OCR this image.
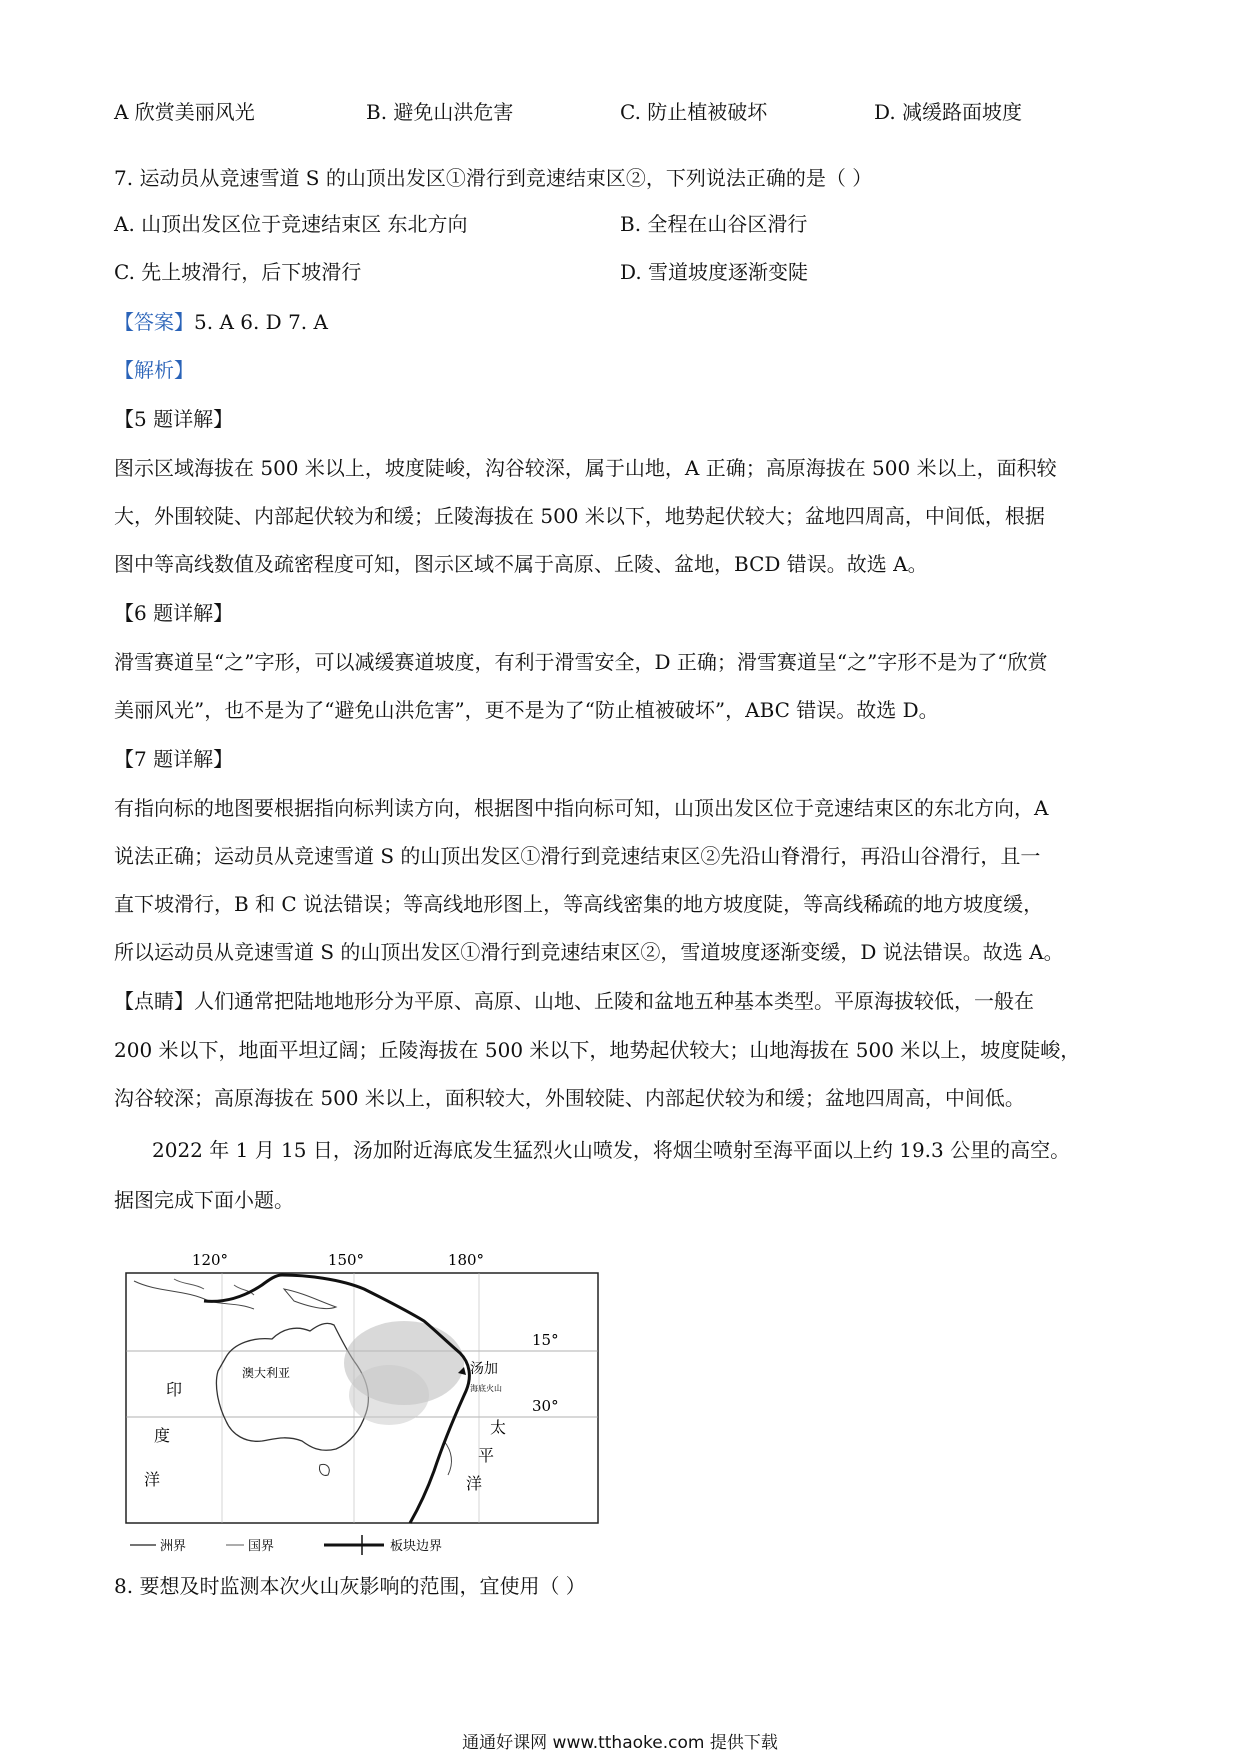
A 欣赏美丽风光	B. 避免山洪危害	C. 防止植被破坏	D. 减缓路面坡度
7. 运动员从竞速雪道 S 的山顶出发区①滑行到竞速结束区②，下列说法正确的是（ ）
A. 山顶出发区位于竞速结束区 东北方向	B. 全程在山谷区滑行
C. 先上坡滑行，后下坡滑行	D. 雪道坡度逐渐变陡
【答案】5. A 6. D 7. A
【解析】
【5 题详解】
图示区域海拔在 500 米以上，坡度陡峻，沟谷较深，属于山地，A 正确；高原海拔在 500 米以上，面积较
大，外围较陡、内部起伏较为和缓；丘陵海拔在 500 米以下，地势起伏较大；盆地四周高，中间低，根据
图中等高线数值及疏密程度可知，图示区域不属于高原、丘陵、盆地，BCD 错误。故选 A。
【6 题详解】
滑雪赛道呈“之”字形，可以减缓赛道坡度，有利于滑雪安全，D 正确；滑雪赛道呈“之”字形不是为了“欣赏
美丽风光”，也不是为了“避免山洪危害”，更不是为了“防止植被破坏”，ABC 错误。故选 D。
【7 题详解】
有指向标的地图要根据指向标判读方向，根据图中指向标可知，山顶出发区位于竞速结束区的东北方向，A
说法正确；运动员从竞速雪道 S 的山顶出发区①滑行到竞速结束区②先沿山脊滑行，再沿山谷滑行，且一
直下坡滑行，B 和 C 说法错误；等高线地形图上，等高线密集的地方坡度陡，等高线稀疏的地方坡度缓，
所以运动员从竞速雪道 S 的山顶出发区①滑行到竞速结束区②，雪道坡度逐渐变缓，D 说法错误。故选 A。
【点睛】人们通常把陆地地形分为平原、高原、山地、丘陵和盆地五种基本类型。平原海拔较低，一般在
200 米以下，地面平坦辽阔；丘陵海拔在 500 米以下，地势起伏较大；山地海拔在 500 米以上，坡度陡峻，
沟谷较深；高原海拔在 500 米以上，面积较大，外围较陡、内部起伏较为和缓；盆地四周高，中间低。
2022 年 1 月 15 日，汤加附近海底发生猛烈火山喷发，将烟尘喷射至海平面以上约 19.3 公里的高空。
据图完成下面小题。
120°	150°	180°
15°
30°
澳大利亚	汤加
海底火山
印
度
洋
太
平
洋
洲界	国界	板块边界
8. 要想及时监测本次火山灰影响的范围，宜使用（ ）
通通好课网 www.tthaoke.com 提供下载
